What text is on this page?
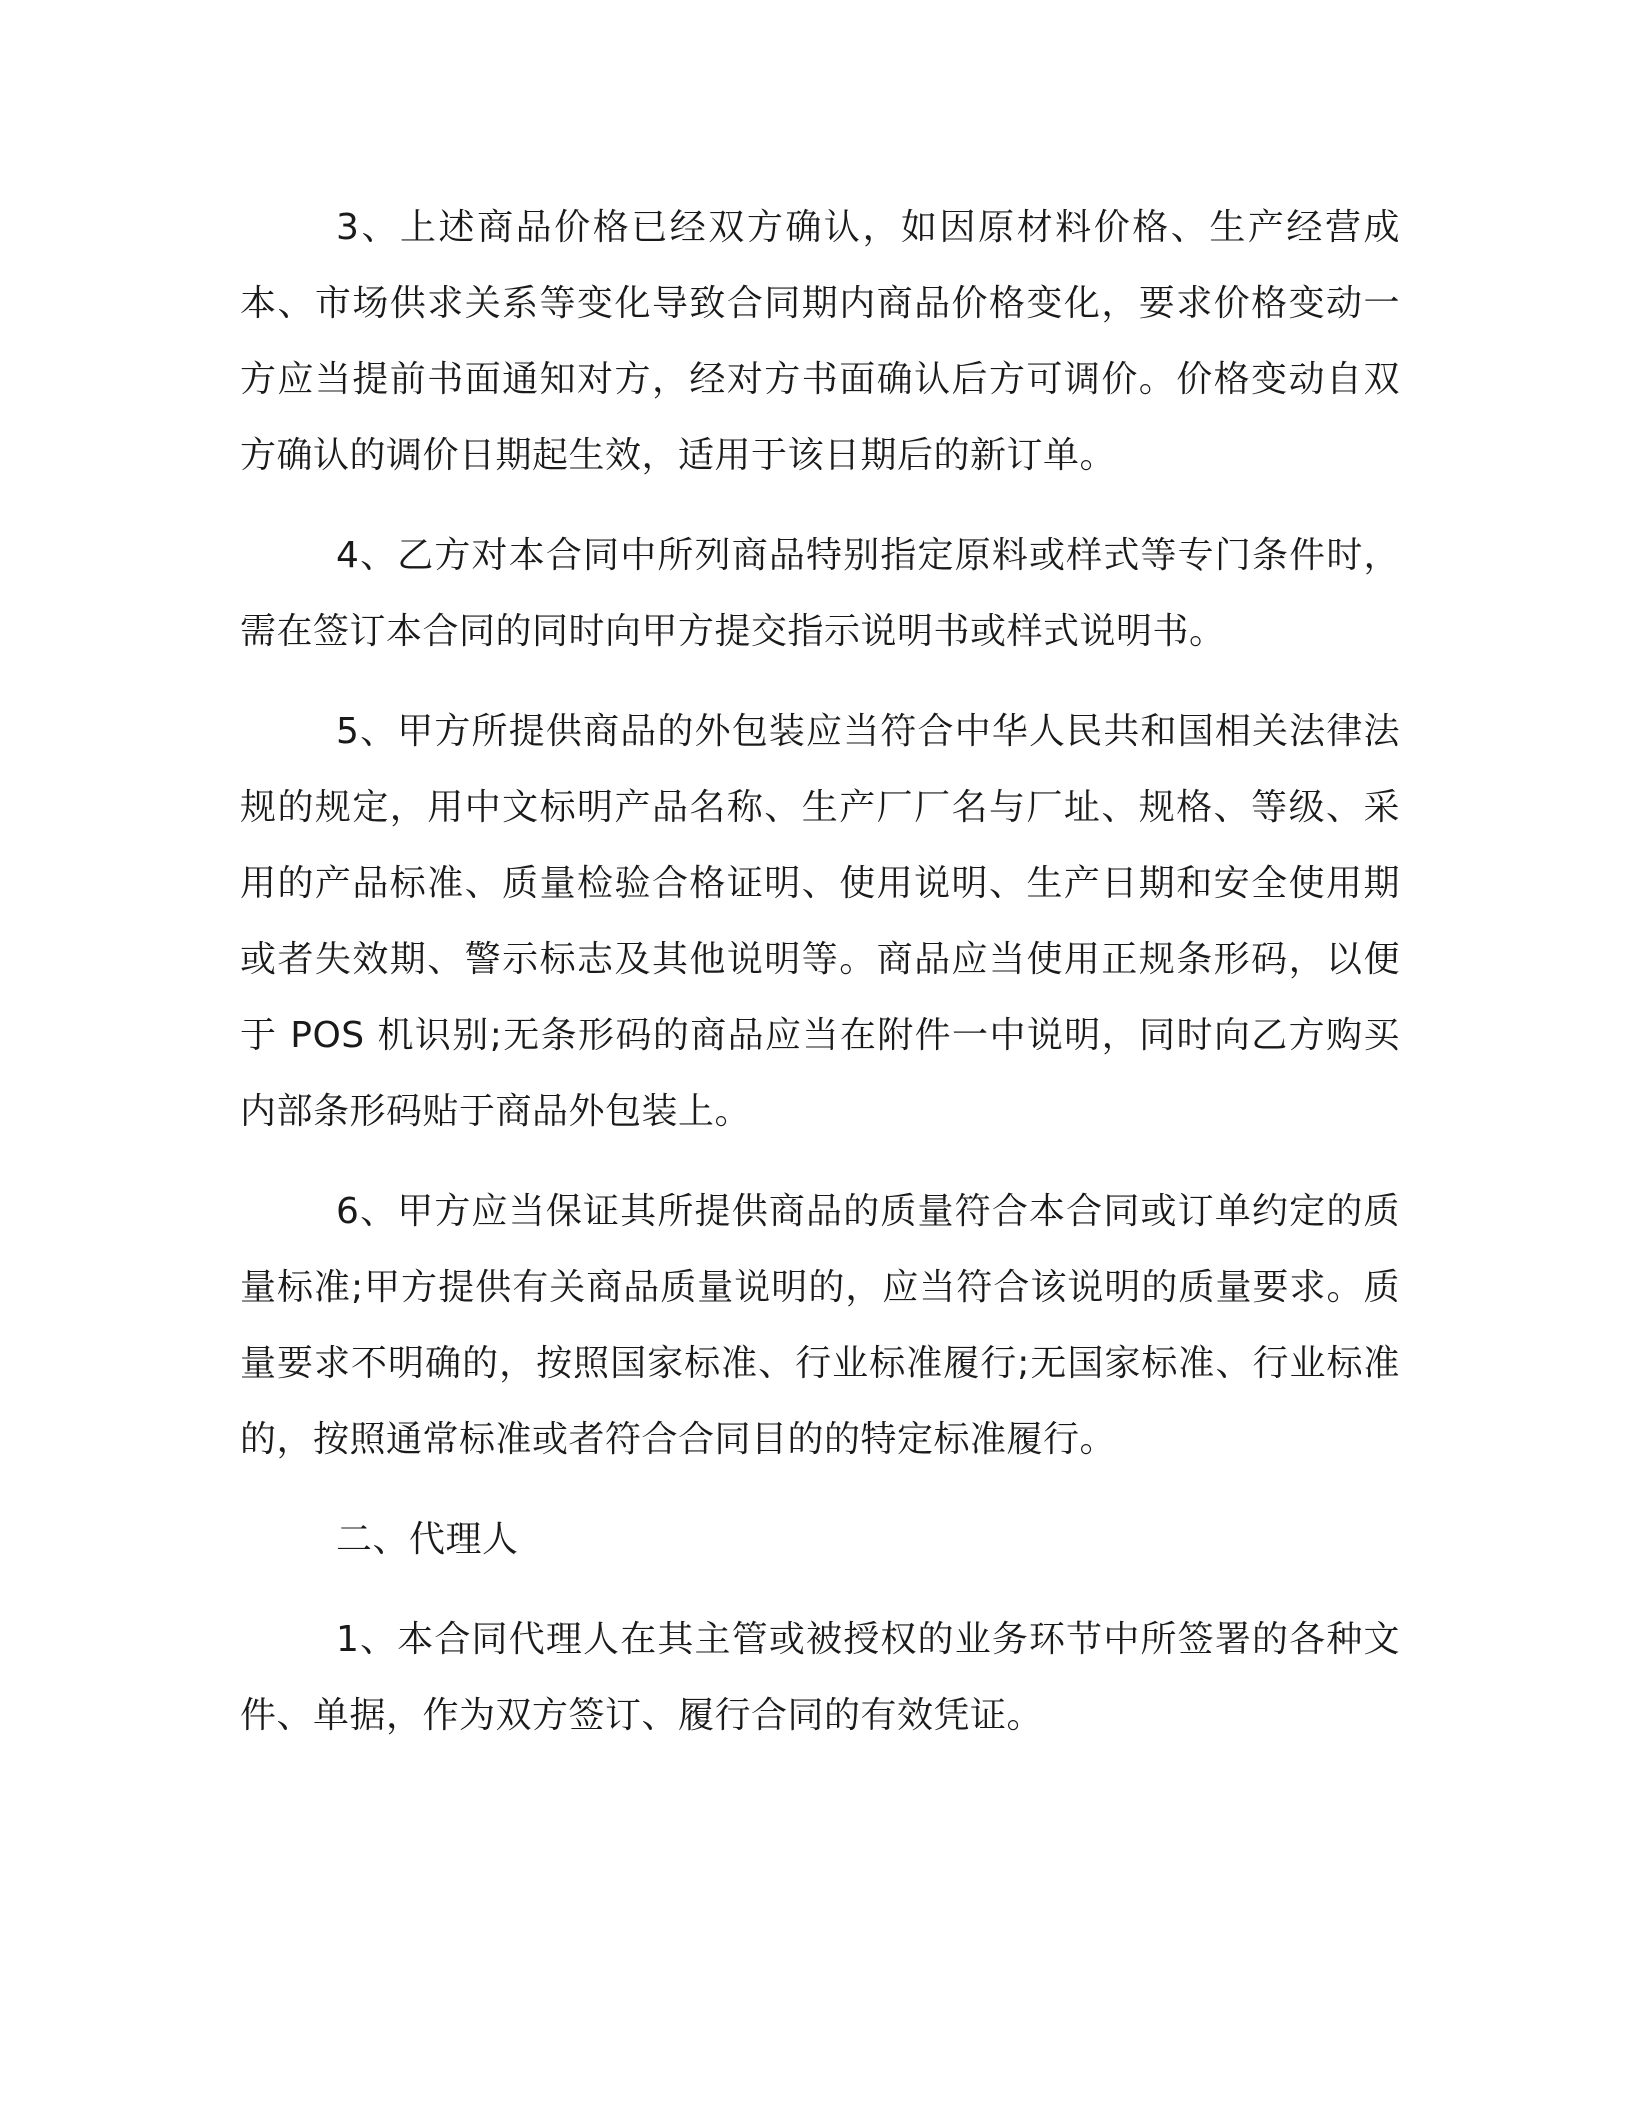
3、上述商品价格已经双方确认，如因原材料价格、生产经营成本、市场供求关系等变化导致合同期内商品价格变化，要求价格变动一方应当提前书面通知对方，经对方书面确认后方可调价。价格变动自双方确认的调价日期起生效，适用于该日期后的新订单。

4、乙方对本合同中所列商品特别指定原料或样式等专门条件时，需在签订本合同的同时向甲方提交指示说明书或样式说明书。

5、甲方所提供商品的外包装应当符合中华人民共和国相关法律法规的规定，用中文标明产品名称、生产厂厂名与厂址、规格、等级、采用的产品标准、质量检验合格证明、使用说明、生产日期和安全使用期或者失效期、警示标志及其他说明等。商品应当使用正规条形码，以便于 POS 机识别;无条形码的商品应当在附件一中说明，同时向乙方购买内部条形码贴于商品外包装上。

6、甲方应当保证其所提供商品的质量符合本合同或订单约定的质量标准;甲方提供有关商品质量说明的，应当符合该说明的质量要求。质量要求不明确的，按照国家标准、行业标准履行;无国家标准、行业标准的，按照通常标准或者符合合同目的的特定标准履行。

二、代理人

1、本合同代理人在其主管或被授权的业务环节中所签署的各种文件、单据，作为双方签订、履行合同的有效凭证。
